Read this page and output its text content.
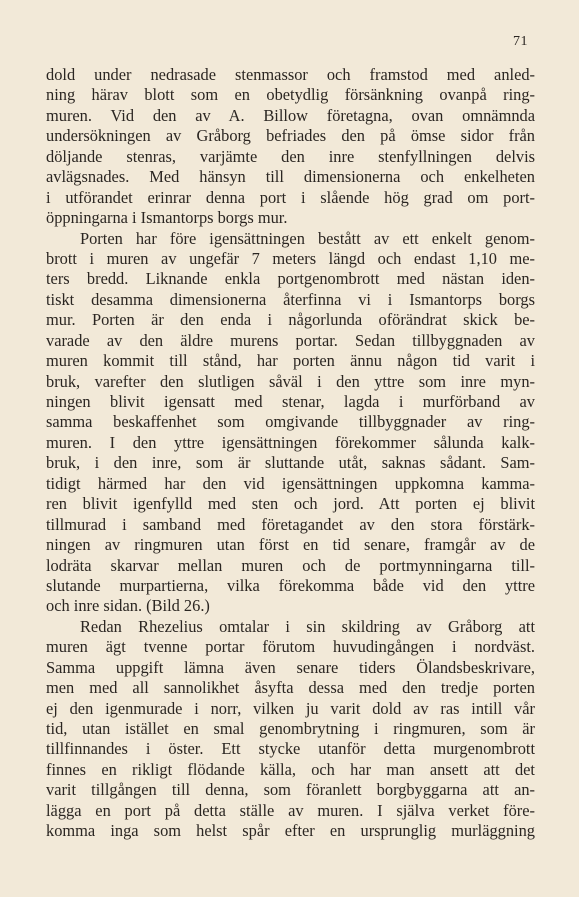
71
dold under nedrasade stenmassor och framstod med anled-
ning härav blott som en obetydlig försänkning ovanpå ring-
muren. Vid den av A. Billow företagna, ovan omnämnda
undersökningen av Gråborg befriades den på ömse sidor från
döljande stenras, varjämte den inre stenfyllningen delvis
avlägsnades. Med hänsyn till dimensionerna och enkelheten
i utförandet erinrar denna port i slående hög grad om port-
öppningarna i Ismantorps borgs mur.
Porten har före igensättningen bestått av ett enkelt genom-
brott i muren av ungefär 7 meters längd och endast 1,10 me-
ters bredd. Liknande enkla portgenombrott med nästan iden-
tiskt desamma dimensionerna återfinna vi i Ismantorps borgs
mur. Porten är den enda i någorlunda oförändrat skick be-
varade av den äldre murens portar. Sedan tillbyggnaden av
muren kommit till stånd, har porten ännu någon tid varit i
bruk, varefter den slutligen såväl i den yttre som inre myn-
ningen blivit igensatt med stenar, lagda i murförband av
samma beskaffenhet som omgivande tillbyggnader av ring-
muren. I den yttre igensättningen förekommer sålunda kalk-
bruk, i den inre, som är sluttande utåt, saknas sådant. Sam-
tidigt härmed har den vid igensättningen uppkomna kamma-
ren blivit igenfylld med sten och jord. Att porten ej blivit
tillmurad i samband med företagandet av den stora förstärk-
ningen av ringmuren utan först en tid senare, framgår av de
lodräta skarvar mellan muren och de portmynningarna till-
slutande murpartierna, vilka förekomma både vid den yttre
och inre sidan. (Bild 26.)
Redan Rhezelius omtalar i sin skildring av Gråborg att
muren ägt tvenne portar förutom huvudingången i nordväst.
Samma uppgift lämna även senare tiders Ölandsbeskrivare,
men med all sannolikhet åsyfta dessa med den tredje porten
ej den igenmurade i norr, vilken ju varit dold av ras intill vår
tid, utan istället en smal genombrytning i ringmuren, som är
tillfinnandes i öster. Ett stycke utanför detta murgenombrott
finnes en rikligt flödande källa, och har man ansett att det
varit tillgången till denna, som föranlett borgbyggarna att an-
lägga en port på detta ställe av muren. I själva verket före-
komma inga som helst spår efter en ursprunglig murläggning
